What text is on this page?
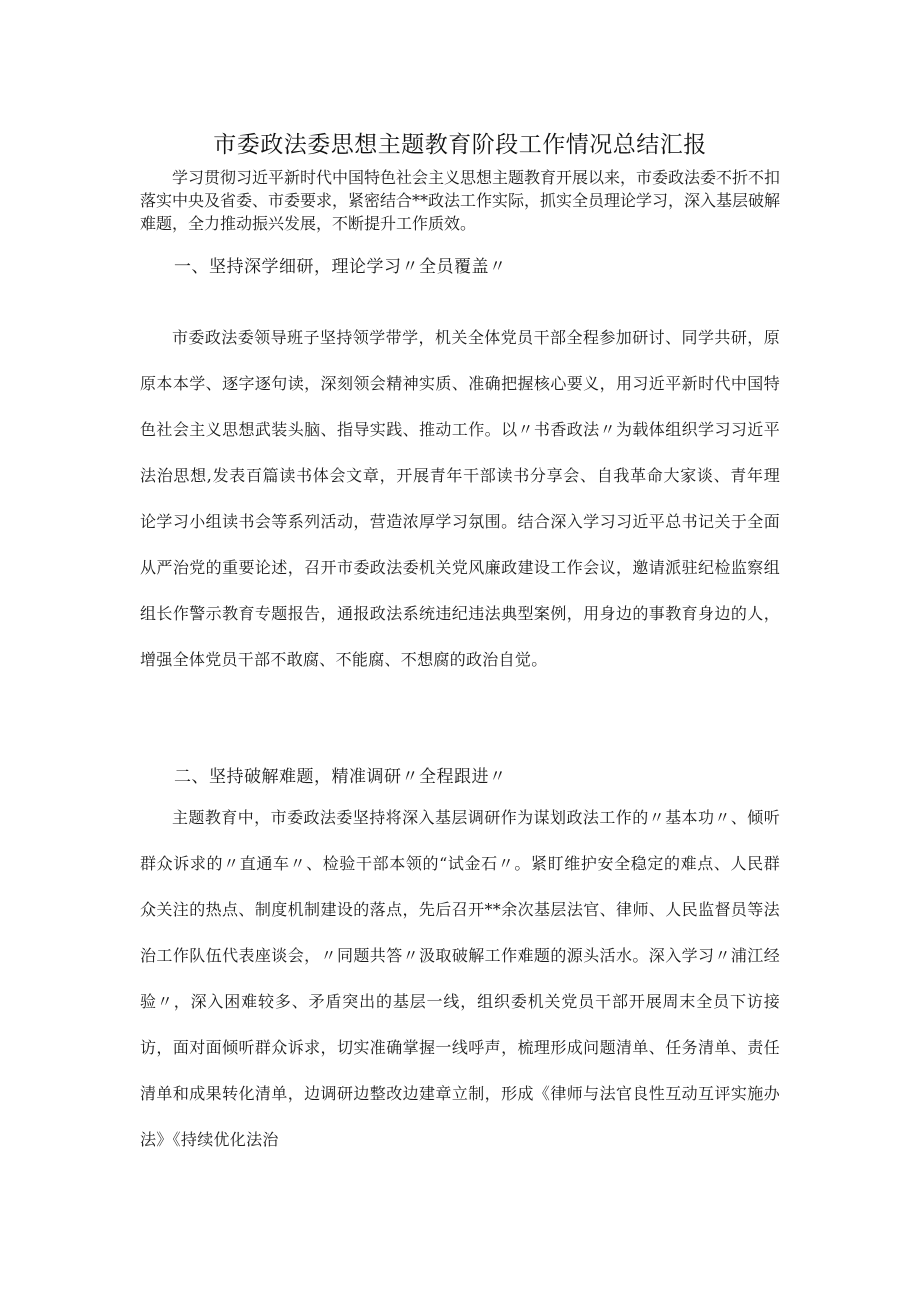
市委政法委思想主题教育阶段工作情况总结汇报

学习贯彻习近平新时代中国特色社会主义思想主题教育开展以来，市委政法委不折不扣落实中央及省委、市委要求，紧密结合**政法工作实际，抓实全员理论学习，深入基层破解难题，全力推动振兴发展，不断提升工作质效。

一、坚持深学细研，理论学习〃全员覆盖〃

市委政法委领导班子坚持领学带学，机关全体党员干部全程参加研讨、同学共研，原原本本学、逐字逐句读，深刻领会精神实质、准确把握核心要义，用习近平新时代中国特色社会主义思想武装头脑、指导实践、推动工作。以〃书香政法〃为载体组织学习习近平法治思想,发表百篇读书体会文章，开展青年干部读书分享会、自我革命大家谈、青年理论学习小组读书会等系列活动，营造浓厚学习氛围。结合深入学习习近平总书记关于全面从严治党的重要论述，召开市委政法委机关党风廉政建设工作会议，邀请派驻纪检监察组组长作警示教育专题报告，通报政法系统违纪违法典型案例，用身边的事教育身边的人，增强全体党员干部不敢腐、不能腐、不想腐的政治自觉。

二、坚持破解难题，精准调研〃全程跟进〃

主题教育中，市委政法委坚持将深入基层调研作为谋划政法工作的〃基本功〃、倾听群众诉求的〃直通车〃、检验干部本领的“试金石〃。紧盯维护安全稳定的难点、人民群众关注的热点、制度机制建设的落点，先后召开**余次基层法官、律师、人民监督员等法治工作队伍代表座谈会，〃同题共答〃汲取破解工作难题的源头活水。深入学习〃浦江经验〃，深入困难较多、矛盾突出的基层一线，组织委机关党员干部开展周末全员下访接访，面对面倾听群众诉求，切实准确掌握一线呼声，梳理形成问题清单、任务清单、责任清单和成果转化清单，边调研边整改边建章立制，形成《律师与法官良性互动互评实施办法》《持续优化法治
